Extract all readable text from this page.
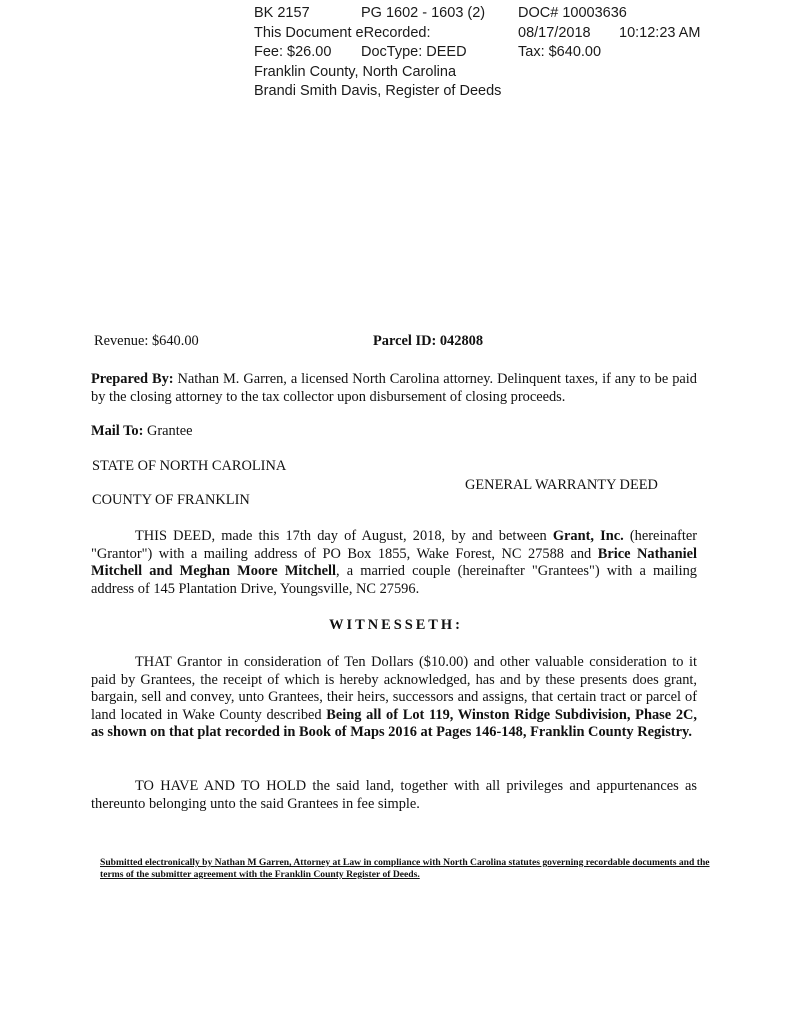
BK 2157	PG 1602 - 1603 (2) DOC# 10003636
This Document eRecorded:	08/17/2018 10:12:23 AM
Fee: $26.00 DocType: DEED	Tax: $640.00
Franklin County, North Carolina
Brandi Smith Davis, Register of Deeds
Revenue: $640.00	Parcel ID: 042808
Prepared By: Nathan M. Garren, a licensed North Carolina attorney. Delinquent taxes, if any to be paid by the closing attorney to the tax collector upon disbursement of closing proceeds.
Mail To: Grantee
STATE OF NORTH CAROLINA
GENERAL WARRANTY DEED
COUNTY OF FRANKLIN
THIS DEED, made this 17th day of August, 2018, by and between Grant, Inc. (hereinafter "Grantor") with a mailing address of PO Box 1855, Wake Forest, NC 27588 and Brice Nathaniel Mitchell and Meghan Moore Mitchell, a married couple (hereinafter "Grantees") with a mailing address of 145 Plantation Drive, Youngsville, NC 27596.
WITNESSETH:
THAT Grantor in consideration of Ten Dollars ($10.00) and other valuable consideration to it paid by Grantees, the receipt of which is hereby acknowledged, has and by these presents does grant, bargain, sell and convey, unto Grantees, their heirs, successors and assigns, that certain tract or parcel of land located in Wake County described Being all of Lot 119, Winston Ridge Subdivision, Phase 2C, as shown on that plat recorded in Book of Maps 2016 at Pages 146-148, Franklin County Registry.
TO HAVE AND TO HOLD the said land, together with all privileges and appurtenances as thereunto belonging unto the said Grantees in fee simple.
Submitted electronically by Nathan M Garren, Attorney at Law in compliance with North Carolina statutes governing recordable documents and the terms of the submitter agreement with the Franklin County Register of Deeds.
